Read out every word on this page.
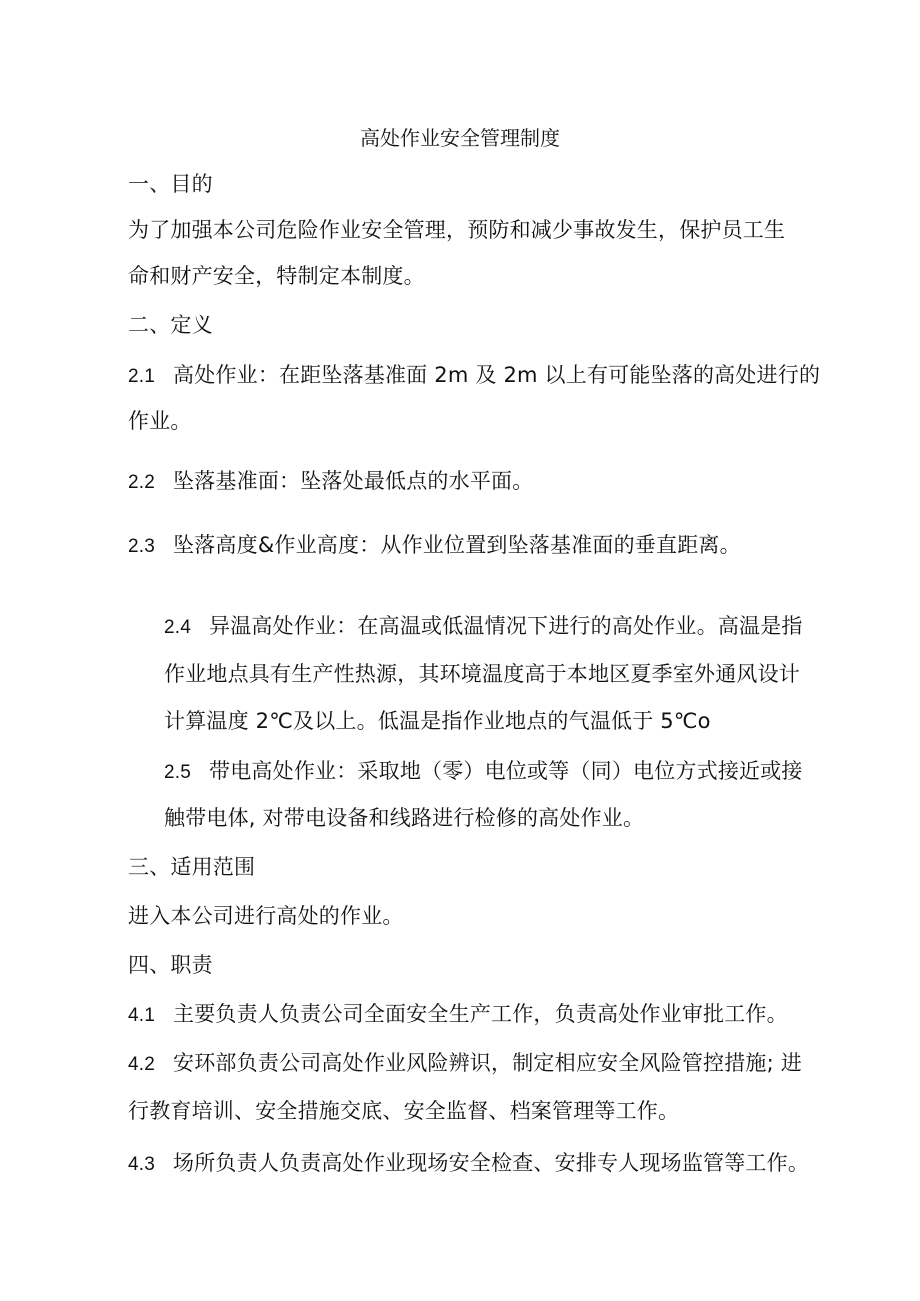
高处作业安全管理制度
一、目的
为了加强本公司危险作业安全管理，预防和减少事故发生，保护员工生
命和财产安全，特制定本制度。
二、定义
2.1 高处作业：在距坠落基准面 2m 及 2m 以上有可能坠落的高处进行的
作业。
2.2 坠落基准面：坠落处最低点的水平面。
2.3 坠落高度&作业高度：从作业位置到坠落基准面的垂直距离。
2.4 异温高处作业：在高温或低温情况下进行的高处作业。高温是指
作业地点具有生产性热源，其环境温度高于本地区夏季室外通风设计
计算温度 2℃及以上。低温是指作业地点的气温低于 5℃o
2.5 带电高处作业：采取地（零）电位或等（同）电位方式接近或接
触带电体, 对带电设备和线路进行检修的高处作业。
三、适用范围
进入本公司进行高处的作业。
四、职责
4.1 主要负责人负责公司全面安全生产工作，负责高处作业审批工作。
4.2 安环部负责公司高处作业风险辨识，制定相应安全风险管控措施; 进
行教育培训、安全措施交底、安全监督、档案管理等工作。
4.3 场所负责人负责高处作业现场安全检查、安排专人现场监管等工作。
